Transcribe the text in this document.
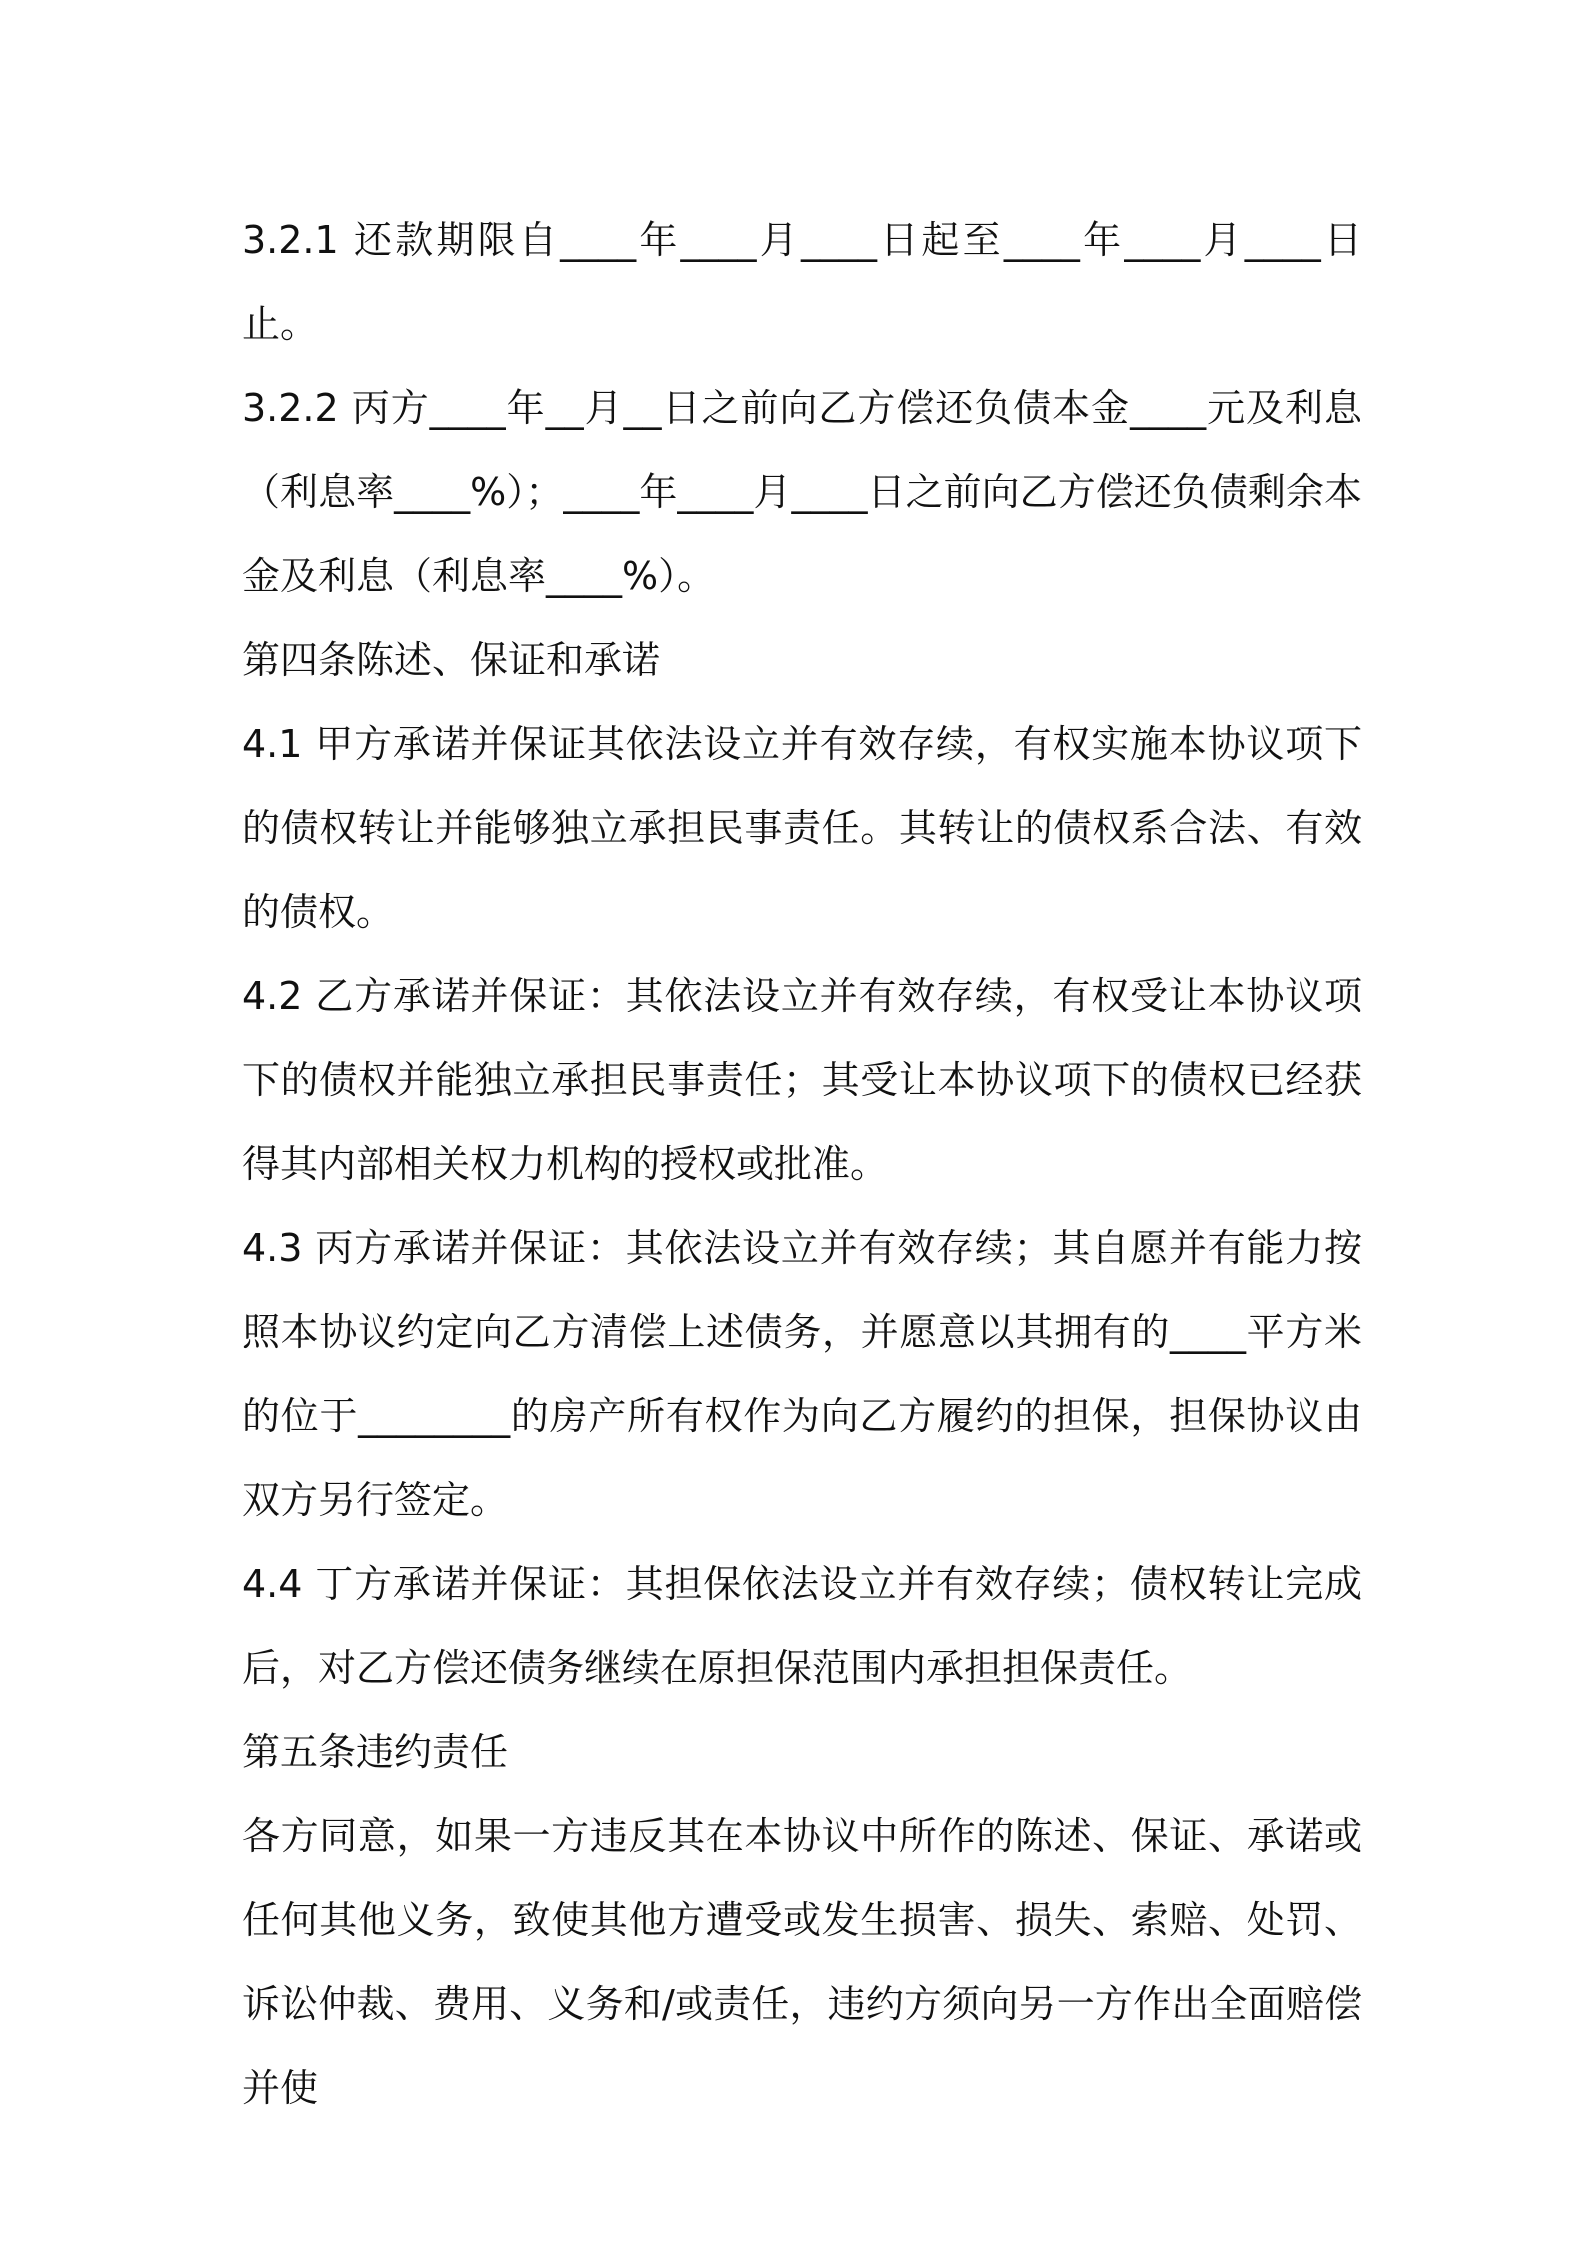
3.2.1 还款期限自____年____月____日起至____年____月____日止。

3.2.2 丙方____年__月__日之前向乙方偿还负债本金____元及利息（利息率____%）；____年____月____日之前向乙方偿还负债剩余本金及利息（利息率____%）。

第四条陈述、保证和承诺

4.1 甲方承诺并保证其依法设立并有效存续，有权实施本协议项下的债权转让并能够独立承担民事责任。其转让的债权系合法、有效的债权。

4.2 乙方承诺并保证：其依法设立并有效存续，有权受让本协议项下的债权并能独立承担民事责任；其受让本协议项下的债权已经获得其内部相关权力机构的授权或批准。

4.3 丙方承诺并保证：其依法设立并有效存续；其自愿并有能力按照本协议约定向乙方清偿上述债务，并愿意以其拥有的____平方米的位于________的房产所有权作为向乙方履约的担保，担保协议由双方另行签定。

4.4 丁方承诺并保证：其担保依法设立并有效存续；债权转让完成后，对乙方偿还债务继续在原担保范围内承担担保责任。

第五条违约责任

各方同意，如果一方违反其在本协议中所作的陈述、保证、承诺或任何其他义务，致使其他方遭受或发生损害、损失、索赔、处罚、诉讼仲裁、费用、义务和/或责任，违约方须向另一方作出全面赔偿并使
